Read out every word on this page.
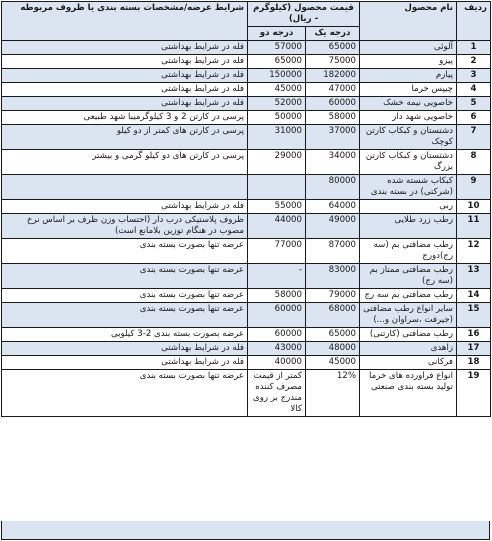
ردیف	نام محصول	قیمت محصول (کیلوگرم - ریال)		شرایط عرضه/مشخصات بسته بندی یا ظروف مربوطه
		درجه یک	درجه دو	
1	آلوئی	65000	57000	فله در شرایط بهداشتی
2	پیزو	75000	65000	فله در شرایط بهداشتی
3	پیارم	182000	150000	فله در شرایط بهداشتی
4	چیپس خرما	47000	45000	فله در شرایط بهداشتی
5	خاصویی نیمه خشک	60000	52000	فله در شرایط بهداشتی
6	خاصویی شهد دار	58000	50000	پرسی در کارتن 2 و 3 کیلوگرمیبا شهد طبیعی
7	دشتستان و کبکاب کارتن کوچک	37000	31000	پرسی در کارتن های کمتر از دو کیلو
8	دشتستان و کبکاب کارتن بزرگ	34000	29000	پرسی در کارتن های دو کیلو گرمی و بیشتر
9	کبکاب شسته شده (شرکتی) در بسته بندی	80000		
10	ربی	64000	55000	فله در شرایط بهداشتی
11	رطب زرد طلایی	49000	44000	ظروف پلاستیکی درب دار (احتساب وزن ظرف بر اساس نرخ مصوب در هنگام توزین بلامانع است)
12	رطب مضافتی بم (سه رج)دورج	87000	77000	عرضه تنها بصورت بسته بندی
13	رطب مضافتی ممتاز بم (سه رج)	83000	-	عرضه تنها بصورت بسته بندی
14	رطب مضافتی بم سه رج	79000	58000	عرضه تنها بصورت بسته بندی
15	سایر انواع رطب مضافتی (جیرفت ،سراوان و...)	68000	60000	عرضه تنها بصورت بسته بندی
16	رطب مضافتی (کارتنی)	65000	60000	عرضه بصورت بسته بندی 2-3 کیلویی
17	زاهدی	48000	43000	فله در شرایط بهداشتی
18	فرکانی	45000	40000	فله در شرایط بهداشتی
19	انواع فراورده های خرما تولید بسته بندی صنعتی	12%	کمتر از قیمت مصرف کننده مندرج بر روی کالا	عرضه تنها بصورت بسته بندی
